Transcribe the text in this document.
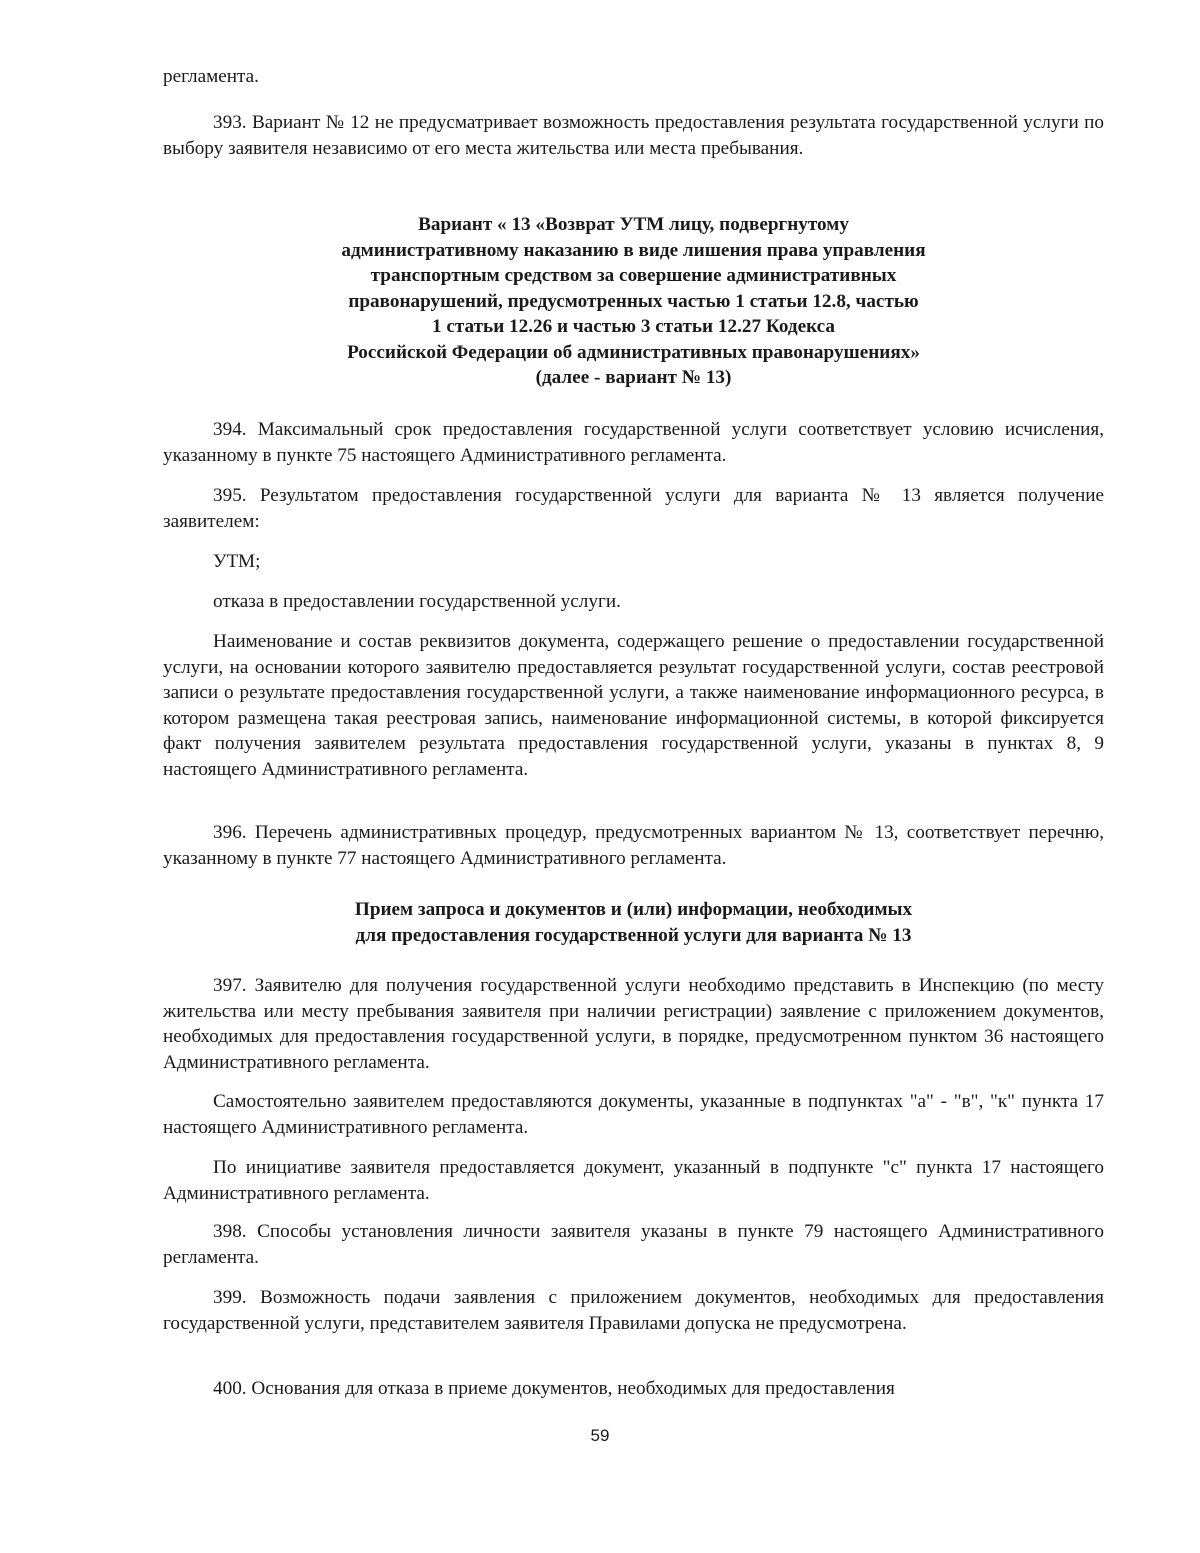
регламента.

393. Вариант № 12 не предусматривает возможность предоставления результата государственной услуги по выбору заявителя независимо от его места жительства или места пребывания.

Вариант « 13 «Возврат УТМ лицу, подвергнутому
административному наказанию в виде лишения права управления
транспортным средством за совершение административных
правонарушений, предусмотренных частью 1 статьи 12.8, частью
1 статьи 12.26 и частью 3 статьи 12.27 Кодекса
Российской Федерации об административных правонарушениях»
(далее - вариант № 13)

394. Максимальный срок предоставления государственной услуги соответствует условию исчисления, указанному в пункте 75 настоящего Административного регламента.

395. Результатом предоставления государственной услуги для варианта № 13 является получение заявителем:

УТМ;

отказа в предоставлении государственной услуги.

Наименование и состав реквизитов документа, содержащего решение о предоставлении государственной услуги, на основании которого заявителю предоставляется результат государственной услуги, состав реестровой записи о результате предоставления государственной услуги, а также наименование информационного ресурса, в котором размещена такая реестровая запись, наименование информационной системы, в которой фиксируется факт получения заявителем результата предоставления государственной услуги, указаны в пунктах 8, 9 настоящего Административного регламента.

396. Перечень административных процедур, предусмотренных вариантом № 13, соответствует перечню, указанному в пункте 77 настоящего Административного регламента.

Прием запроса и документов и (или) информации, необходимых
для предоставления государственной услуги для варианта № 13

397. Заявителю для получения государственной услуги необходимо представить в Инспекцию (по месту жительства или месту пребывания заявителя при наличии регистрации) заявление с приложением документов, необходимых для предоставления государственной услуги, в порядке, предусмотренном пунктом 36 настоящего Административного регламента.

Самостоятельно заявителем предоставляются документы, указанные в подпунктах "а" - "в", "к" пункта 17 настоящего Административного регламента.

По инициативе заявителя предоставляется документ, указанный в подпункте "с" пункта 17 настоящего Административного регламента.

398. Способы установления личности заявителя указаны в пункте 79 настоящего Административного регламента.

399. Возможность подачи заявления с приложением документов, необходимых для предоставления государственной услуги, представителем заявителя Правилами допуска не предусмотрена.

400. Основания для отказа в приеме документов, необходимых для предоставления

59
